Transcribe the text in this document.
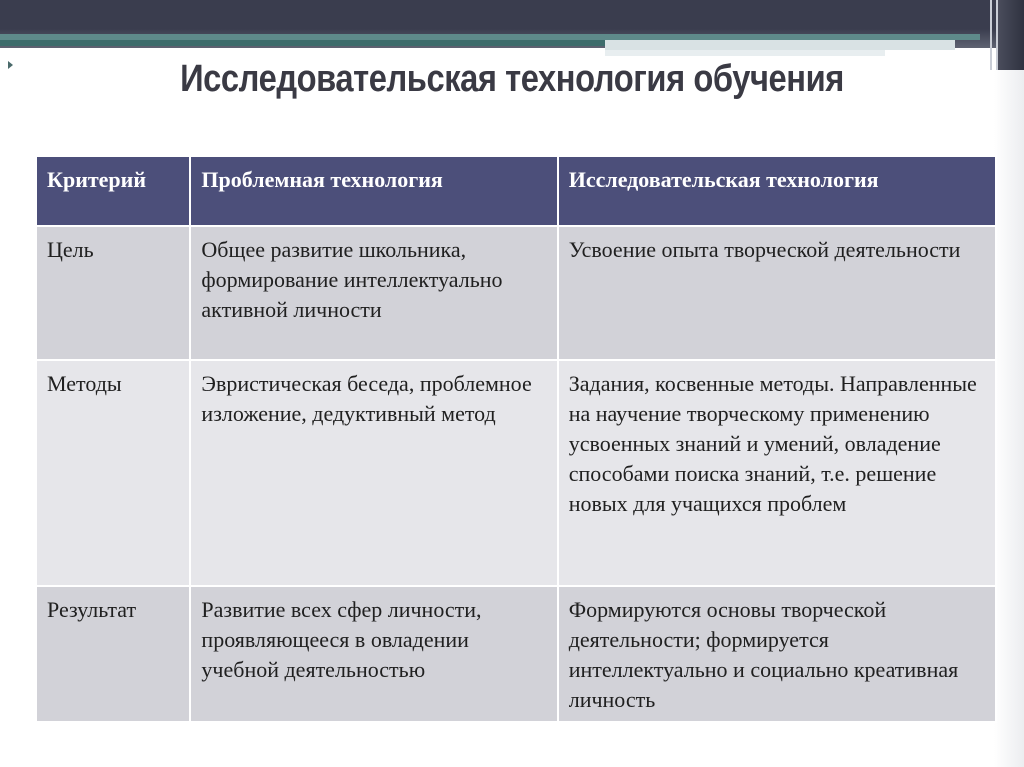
Исследовательская технология обучения
Критерий	Проблемная технология	Исследовательская технология
Цель	Общее развитие школьника, формирование интеллектуально активной личности	Усвоение опыта творческой деятельности
Методы	Эвристическая беседа, проблемное изложение, дедуктивный метод	Задания, косвенные методы. Направленные на научение творческому применению усвоенных знаний и умений, овладение способами поиска знаний, т.е. решение новых для учащихся проблем
Результат	Развитие всех сфер личности, проявляющееся в овладении учебной деятельностью	Формируются основы творческой деятельности; формируется интеллектуально и социально креативная личность
